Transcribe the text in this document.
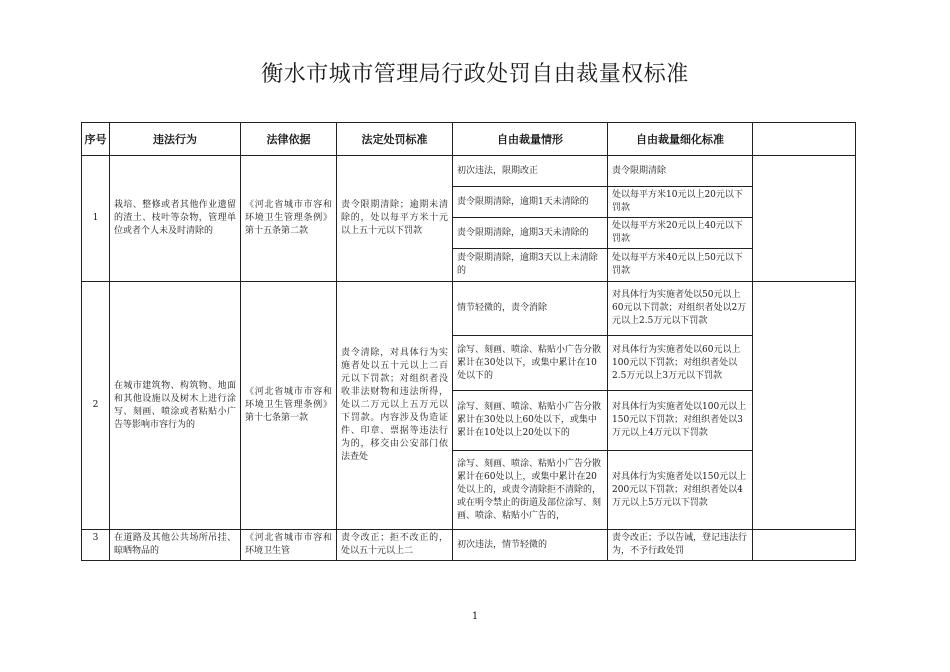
衡水市城市管理局行政处罚自由裁量权标准
序号	违法行为	法律依据	法定处罚标准	自由裁量情形	自由裁量细化标准	
1	栽培、整修或者其他作业遗留的渣土、枝叶等杂物，管理单位或者个人未及时清除的	《河北省城市市容和环境卫生管理条例》第十五条第二款	责令限期清除；逾期未清除的，处以每平方米十元以上五十元以下罚款	初次违法，限期改正	责令限期清除	
				责令限期清除，逾期1天未清除的	处以每平方米10元以上20元以下罚款	
				责令限期清除，逾期3天未清除的	处以每平方米20元以上40元以下罚款	
				责令限期清除，逾期3天以上未清除的	处以每平方米40元以上50元以下罚款	
2	在城市建筑物、构筑物、地面和其他设施以及树木上进行涂写、刻画、喷涂或者粘贴小广告等影响市容行为的	《河北省城市市容和环境卫生管理条例》第十七条第一款	责令清除，对具体行为实施者处以五十元以上二百元以下罚款；对组织者没收非法财物和违法所得，处以二万元以上五万元以下罚款。内容涉及伪造证件、印章、票据等违法行为的，移交由公安部门依法查处	情节轻微的，责令消除	对具体行为实施者处以50元以上60元以下罚款；对组织者处以2万元以上2.5万元以下罚款	
				涂写、刻画、喷涂、粘贴小广告分散累计在30处以下，或集中累计在10处以下的	对具体行为实施者处以60元以上100元以下罚款；对组织者处以2.5万元以上3万元以下罚款	
				涂写、刻画、喷涂、粘贴小广告分散累计在30处以上60处以下，或集中累计在10处以上20处以下的	对具体行为实施者处以100元以上150元以下罚款；对组织者处以3万元以上4万元以下罚款	
				涂写、刻画、喷涂、粘贴小广告分散累计在60处以上，或集中累计在20处以上的，或责令清除拒不清除的，或在明令禁止的街道及部位涂写、刻画、喷涂、粘贴小广告的，	对具体行为实施者处以150元以上200元以下罚款；对组织者处以4万元以上5万元以下罚款	
3	在道路及其他公共场所吊挂、晾晒物品的	《河北省城市市容和环境卫生管	责令改正；拒不改正的，处以五十元以上二	初次违法，情节轻微的	责令改正；予以告诫，登记违法行为，不予行政处罚	
1
